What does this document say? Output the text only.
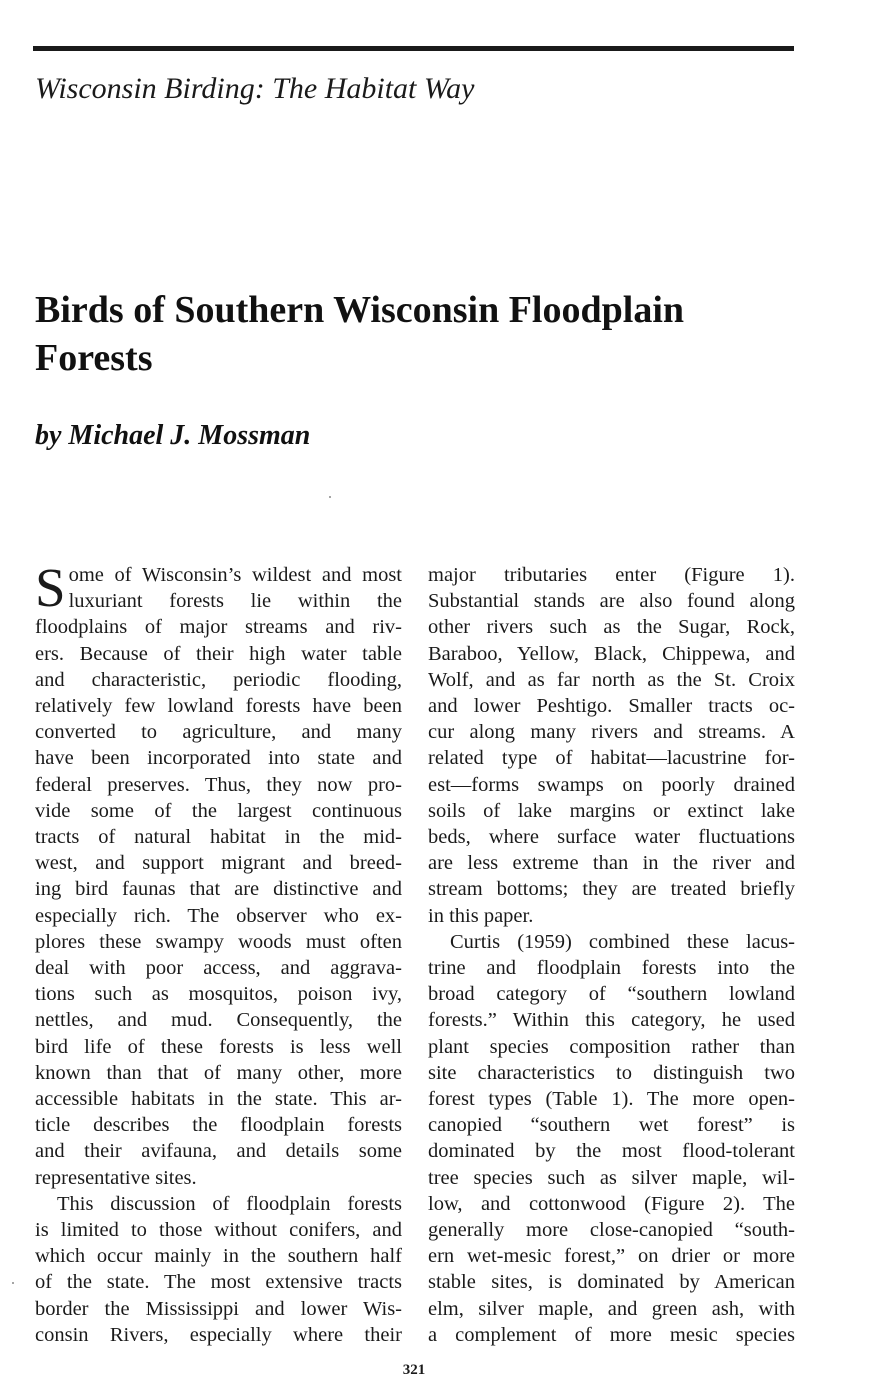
Wisconsin Birding: The Habitat Way
Birds of Southern Wisconsin Floodplain
Forests
by Michael J. Mossman
S ome of Wisconsin’s wildest and most
luxuriant forests lie within the
floodplains of major streams and riv-
ers. Because of their high water table
and characteristic, periodic flooding,
relatively few lowland forests have been
converted to agriculture, and many
have been incorporated into state and
federal preserves. Thus, they now pro-
vide some of the largest continuous
tracts of natural habitat in the mid-
west, and support migrant and breed-
ing bird faunas that are distinctive and
especially rich. The observer who ex-
plores these swampy woods must often
deal with poor access, and aggrava-
tions such as mosquitos, poison ivy,
nettles, and mud. Consequently, the
bird life of these forests is less well
known than that of many other, more
accessible habitats in the state. This ar-
ticle describes the floodplain forests
and their avifauna, and details some
representative sites.
This discussion of floodplain forests
is limited to those without conifers, and
which occur mainly in the southern half
of the state. The most extensive tracts
border the Mississippi and lower Wis-
consin Rivers, especially where their
major tributaries enter (Figure 1).
Substantial stands are also found along
other rivers such as the Sugar, Rock,
Baraboo, Yellow, Black, Chippewa, and
Wolf, and as far north as the St. Croix
and lower Peshtigo. Smaller tracts oc-
cur along many rivers and streams. A
related type of habitat—lacustrine for-
est—forms swamps on poorly drained
soils of lake margins or extinct lake
beds, where surface water fluctuations
are less extreme than in the river and
stream bottoms; they are treated briefly
in this paper.
Curtis (1959) combined these lacus-
trine and floodplain forests into the
broad category of “southern lowland
forests.” Within this category, he used
plant species composition rather than
site characteristics to distinguish two
forest types (Table 1). The more open-
canopied “southern wet forest” is
dominated by the most flood-tolerant
tree species such as silver maple, wil-
low, and cottonwood (Figure 2). The
generally more close-canopied “south-
ern wet-mesic forest,” on drier or more
stable sites, is dominated by American
elm, silver maple, and green ash, with
a complement of more mesic species
321
